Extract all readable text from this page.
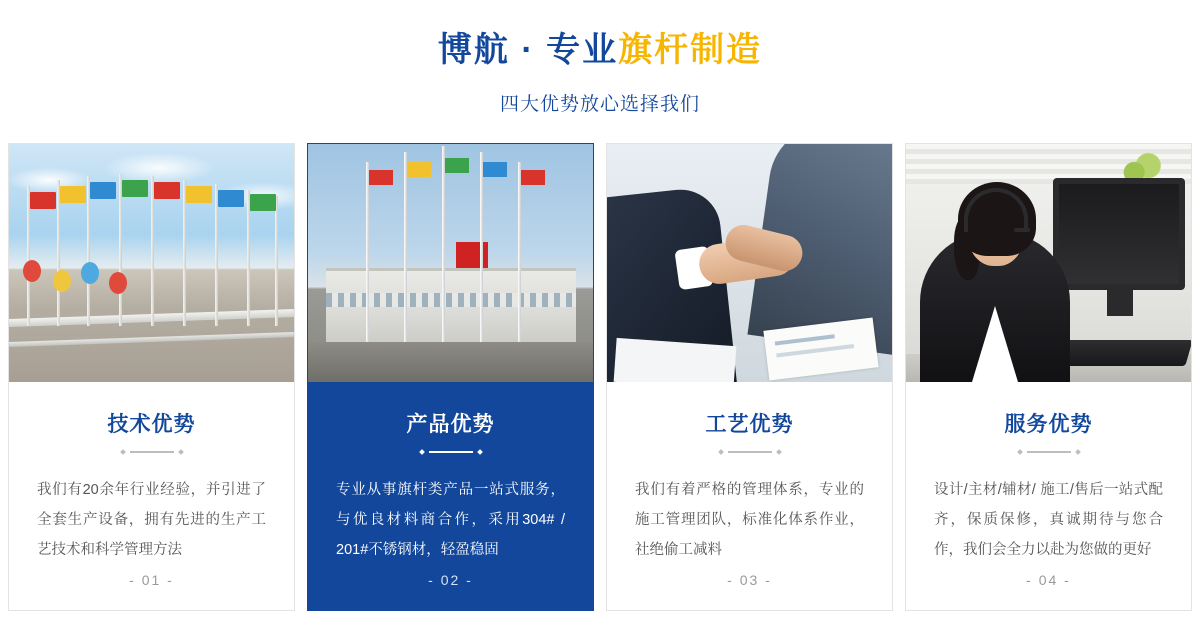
博航 · 专业旗杆制造
四大优势放心选择我们
技术优势
我们有20余年行业经验，并引进了全套生产设备，拥有先进的生产工艺技术和科学管理方法
- 01 -
产品优势
专业从事旗杆类产品一站式服务，与优良材料商合作，采用304# / 201#不锈钢材，轻盈稳固
- 02 -
工艺优势
我们有着严格的管理体系，专业的施工管理团队，标准化体系作业，社绝偷工减料
- 03 -
服务优势
设计/主材/辅材/ 施工/售后一站式配齐，保质保修，真诚期待与您合作，我们会全力以赴为您做的更好
- 04 -
